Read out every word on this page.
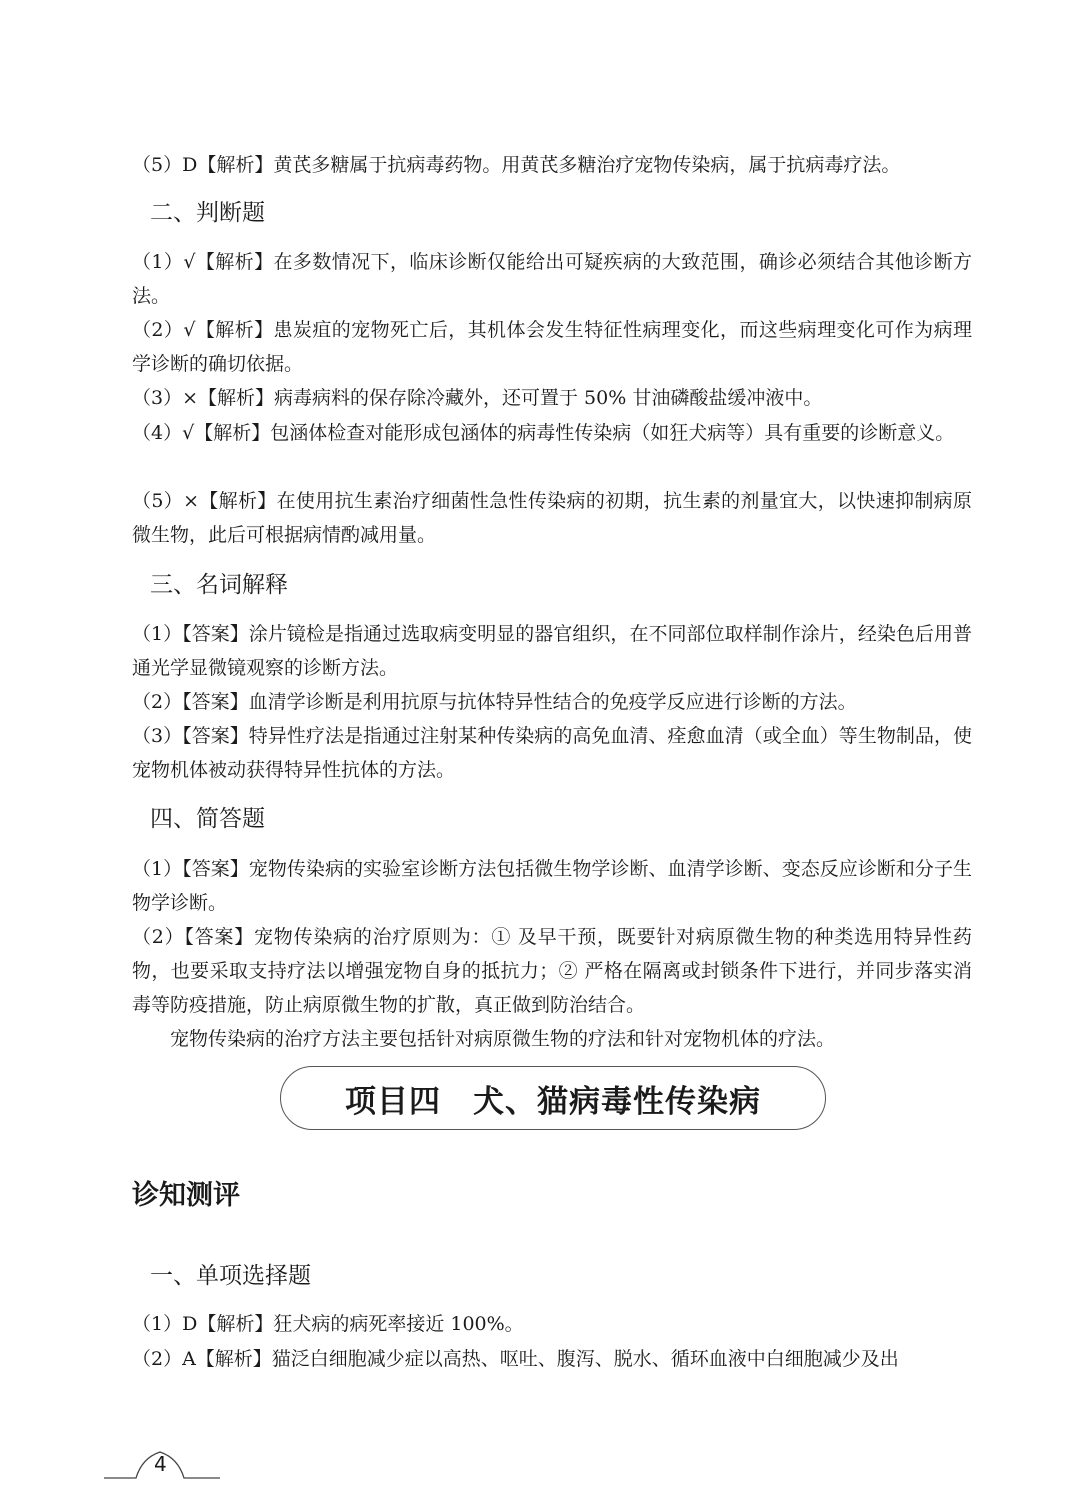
（5）D【解析】黄芪多糖属于抗病毒药物。用黄芪多糖治疗宠物传染病，属于抗病毒疗法。

二、判断题

（1）√【解析】在多数情况下，临床诊断仅能给出可疑疾病的大致范围，确诊必须结合其他诊断方法。

（2）√【解析】患炭疽的宠物死亡后，其机体会发生特征性病理变化，而这些病理变化可作为病理学诊断的确切依据。

（3）×【解析】病毒病料的保存除冷藏外，还可置于 50% 甘油磷酸盐缓冲液中。

（4）√【解析】包涵体检查对能形成包涵体的病毒性传染病（如狂犬病等）具有重要的诊断意义。

（5）×【解析】在使用抗生素治疗细菌性急性传染病的初期，抗生素的剂量宜大，以快速抑制病原微生物，此后可根据病情酌减用量。

三、名词解释

（1）【答案】涂片镜检是指通过选取病变明显的器官组织，在不同部位取样制作涂片，经染色后用普通光学显微镜观察的诊断方法。

（2）【答案】血清学诊断是利用抗原与抗体特异性结合的免疫学反应进行诊断的方法。

（3）【答案】特异性疗法是指通过注射某种传染病的高免血清、痊愈血清（或全血）等生物制品，使宠物机体被动获得特异性抗体的方法。

四、简答题

（1）【答案】宠物传染病的实验室诊断方法包括微生物学诊断、血清学诊断、变态反应诊断和分子生物学诊断。

（2）【答案】宠物传染病的治疗原则为：① 及早干预，既要针对病原微生物的种类选用特异性药物，也要采取支持疗法以增强宠物自身的抵抗力；② 严格在隔离或封锁条件下进行，并同步落实消毒等防疫措施，防止病原微生物的扩散，真正做到防治结合。

宠物传染病的治疗方法主要包括针对病原微生物的疗法和针对宠物机体的疗法。

项目四　犬、猫病毒性传染病
诊知测评
一、单项选择题

（1）D【解析】狂犬病的病死率接近 100%。

（2）A【解析】猫泛白细胞减少症以高热、呕吐、腹泻、脱水、循环血液中白细胞减少及出

4
